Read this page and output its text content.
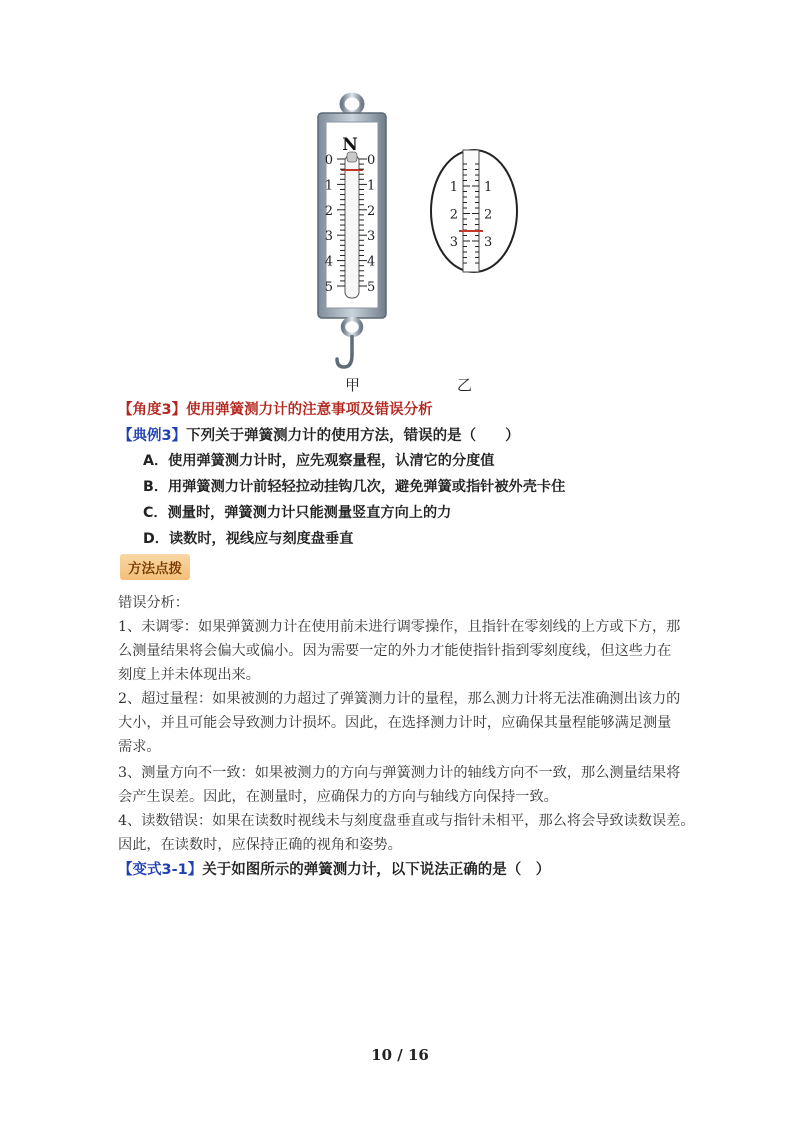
N
0
1
2
3
4
5
0
1
2
3
4
5
1
2
3
1
2
3
甲	乙
【角度3】使用弹簧测力计的注意事项及错误分析
【典例3】下列关于弹簧测力计的使用方法，错误的是（　　）
A．使用弹簧测力计时，应先观察量程，认清它的分度值
B．用弹簧测力计前轻轻拉动挂钩几次，避免弹簧或指针被外壳卡住
C．测量时，弹簧测力计只能测量竖直方向上的力
D．读数时，视线应与刻度盘垂直
方法点拨
错误分析：
1、未调零：如果弹簧测力计在使用前未进行调零操作，且指针在零刻线的上方或下方，那
么测量结果将会偏大或偏小。因为需要一定的外力才能使指针指到零刻度线，但这些力在
刻度上并未体现出来。
2、超过量程：如果被测的力超过了弹簧测力计的量程，那么测力计将无法准确测出该力的
大小，并且可能会导致测力计损坏。因此，在选择测力计时，应确保其量程能够满足测量
需求。
3、测量方向不一致：如果被测力的方向与弹簧测力计的轴线方向不一致，那么测量结果将
会产生误差。因此，在测量时，应确保力的方向与轴线方向保持一致。
4、读数错误：如果在读数时视线未与刻度盘垂直或与指针未相平，那么将会导致读数误差。
因此，在读数时，应保持正确的视角和姿势。
【变式3-1】关于如图所示的弹簧测力计，以下说法正确的是（　）
10 / 16
